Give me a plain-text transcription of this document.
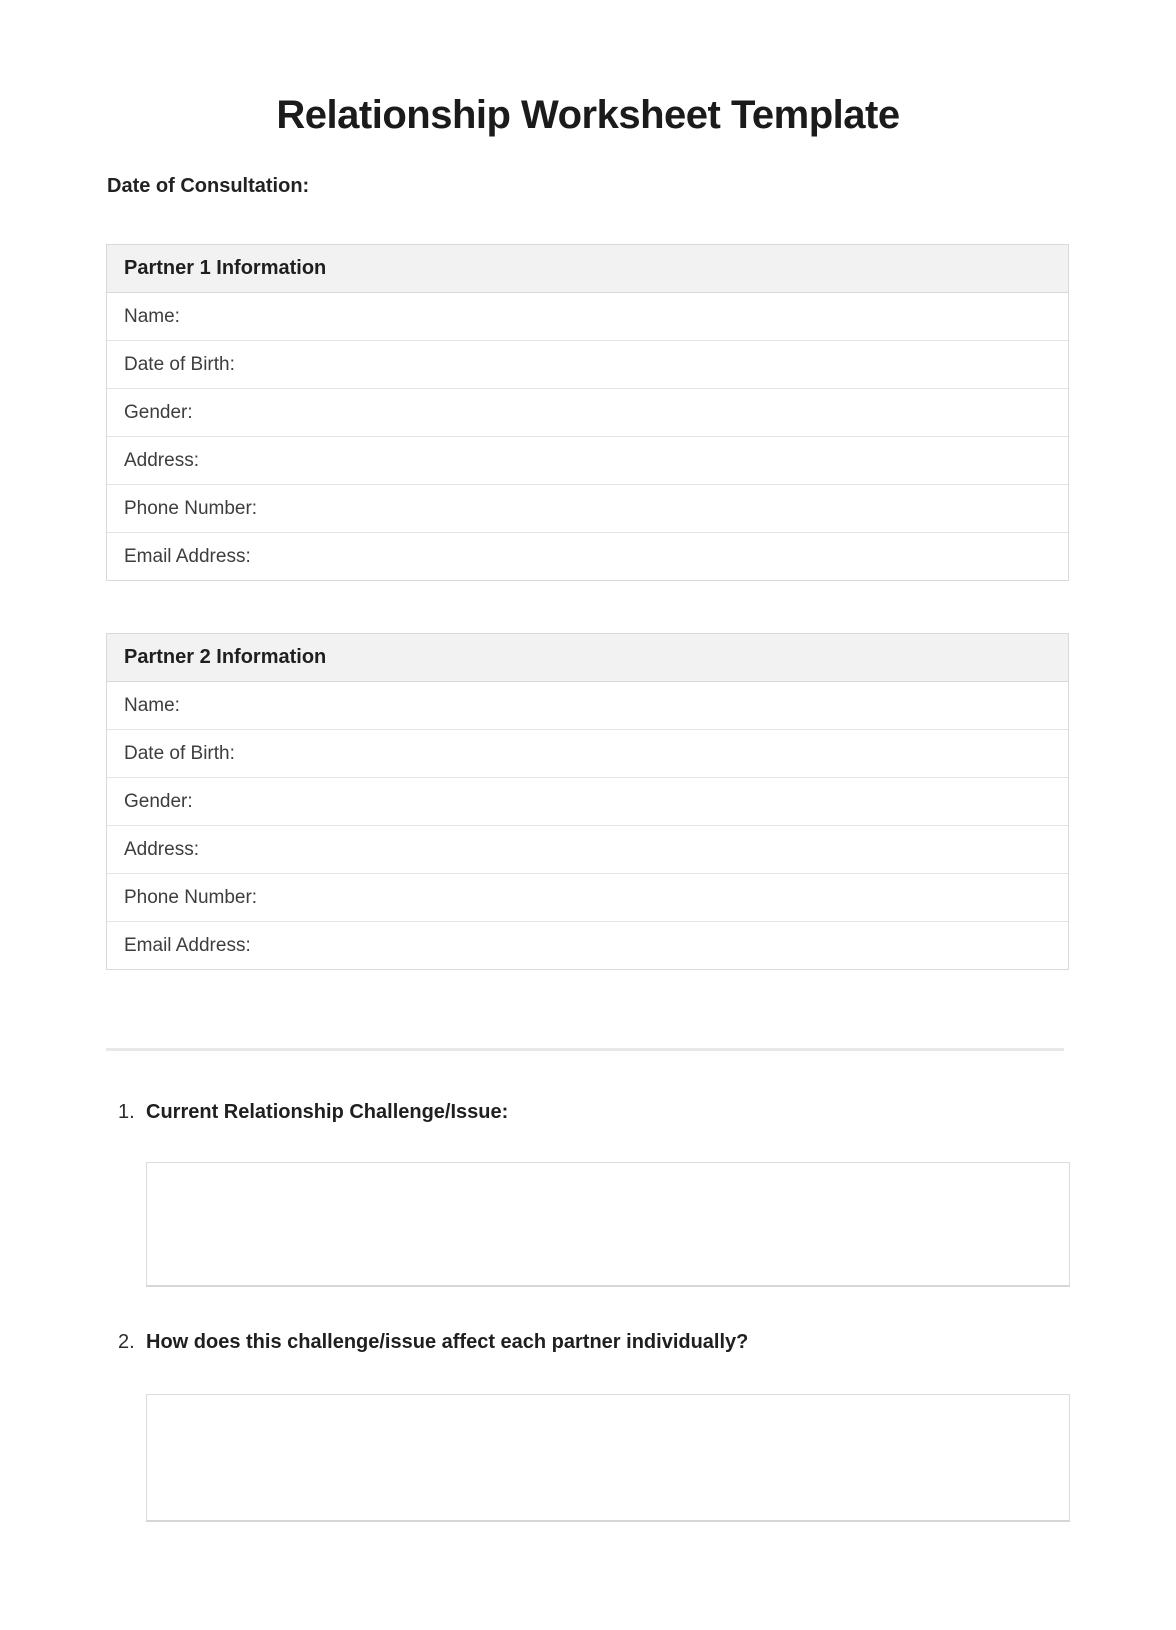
Relationship Worksheet Template
Date of Consultation:
Partner 1 Information
Name:
Date of Birth:
Gender:
Address:
Phone Number:
Email Address:
Partner 2 Information
Name:
Date of Birth:
Gender:
Address:
Phone Number:
Email Address:
1. Current Relationship Challenge/Issue:
2. How does this challenge/issue affect each partner individually?
